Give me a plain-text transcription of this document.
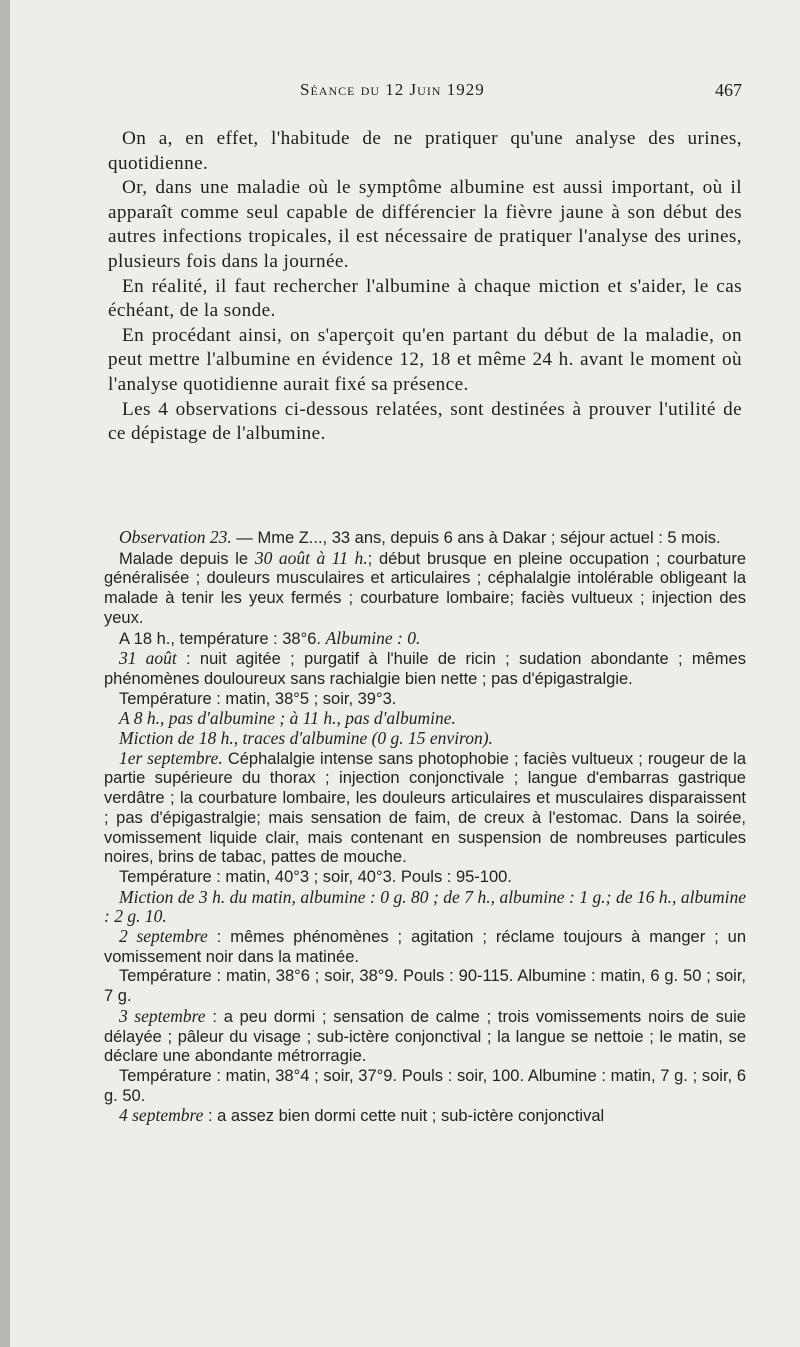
Séance du 12 Juin 1929	467

On a, en effet, l'habitude de ne pratiquer qu'une analyse des urines, quotidienne.

Or, dans une maladie où le symptôme albumine est aussi important, où il apparaît comme seul capable de différencier la fièvre jaune à son début des autres infections tropicales, il est nécessaire de pratiquer l'analyse des urines, plusieurs fois dans la journée.

En réalité, il faut rechercher l'albumine à chaque miction et s'aider, le cas échéant, de la sonde.

En procédant ainsi, on s'aperçoit qu'en partant du début de la maladie, on peut mettre l'albumine en évidence 12, 18 et même 24 h. avant le moment où l'analyse quotidienne aurait fixé sa présence.

Les 4 observations ci-dessous relatées, sont destinées à prouver l'utilité de ce dépistage de l'albumine.

Observation 23. — Mme Z..., 33 ans, depuis 6 ans à Dakar ; séjour actuel : 5 mois.

Malade depuis le 30 août à 11 h.; début brusque en pleine occupation ; courbature généralisée ; douleurs musculaires et articulaires ; céphalalgie intolérable obligeant la malade à tenir les yeux fermés ; courbature lombaire; faciès vultueux ; injection des yeux.

A 18 h., température : 38°6. Albumine : 0.

31 août : nuit agitée ; purgatif à l'huile de ricin ; sudation abondante ; mêmes phénomènes douloureux sans rachialgie bien nette ; pas d'épigastralgie.

Température : matin, 38°5 ; soir, 39°3.

A 8 h., pas d'albumine ; à 11 h., pas d'albumine.

Miction de 18 h., traces d'albumine (0 g. 15 environ).

1er septembre. Céphalalgie intense sans photophobie ; faciès vultueux ; rougeur de la partie supérieure du thorax ; injection conjonctivale ; langue d'embarras gastrique verdâtre ; la courbature lombaire, les douleurs articulaires et musculaires disparaissent ; pas d'épigastralgie; mais sensation de faim, de creux à l'estomac. Dans la soirée, vomissement liquide clair, mais contenant en suspension de nombreuses particules noires, brins de tabac, pattes de mouche.

Température : matin, 40°3 ; soir, 40°3. Pouls : 95-100.

Miction de 3 h. du matin, albumine : 0 g. 80 ; de 7 h., albumine : 1 g.; de 16 h., albumine : 2 g. 10.

2 septembre : mêmes phénomènes ; agitation ; réclame toujours à manger ; un vomissement noir dans la matinée.

Température : matin, 38°6 ; soir, 38°9. Pouls : 90-115. Albumine : matin, 6 g. 50 ; soir, 7 g.

3 septembre : a peu dormi ; sensation de calme ; trois vomissements noirs de suie délayée ; pâleur du visage ; sub-ictère conjonctival ; la langue se nettoie ; le matin, se déclare une abondante métrorragie.

Température : matin, 38°4 ; soir, 37°9. Pouls : soir, 100. Albumine : matin, 7 g. ; soir, 6 g. 50.

4 septembre : a assez bien dormi cette nuit ; sub-ictère conjonctival
